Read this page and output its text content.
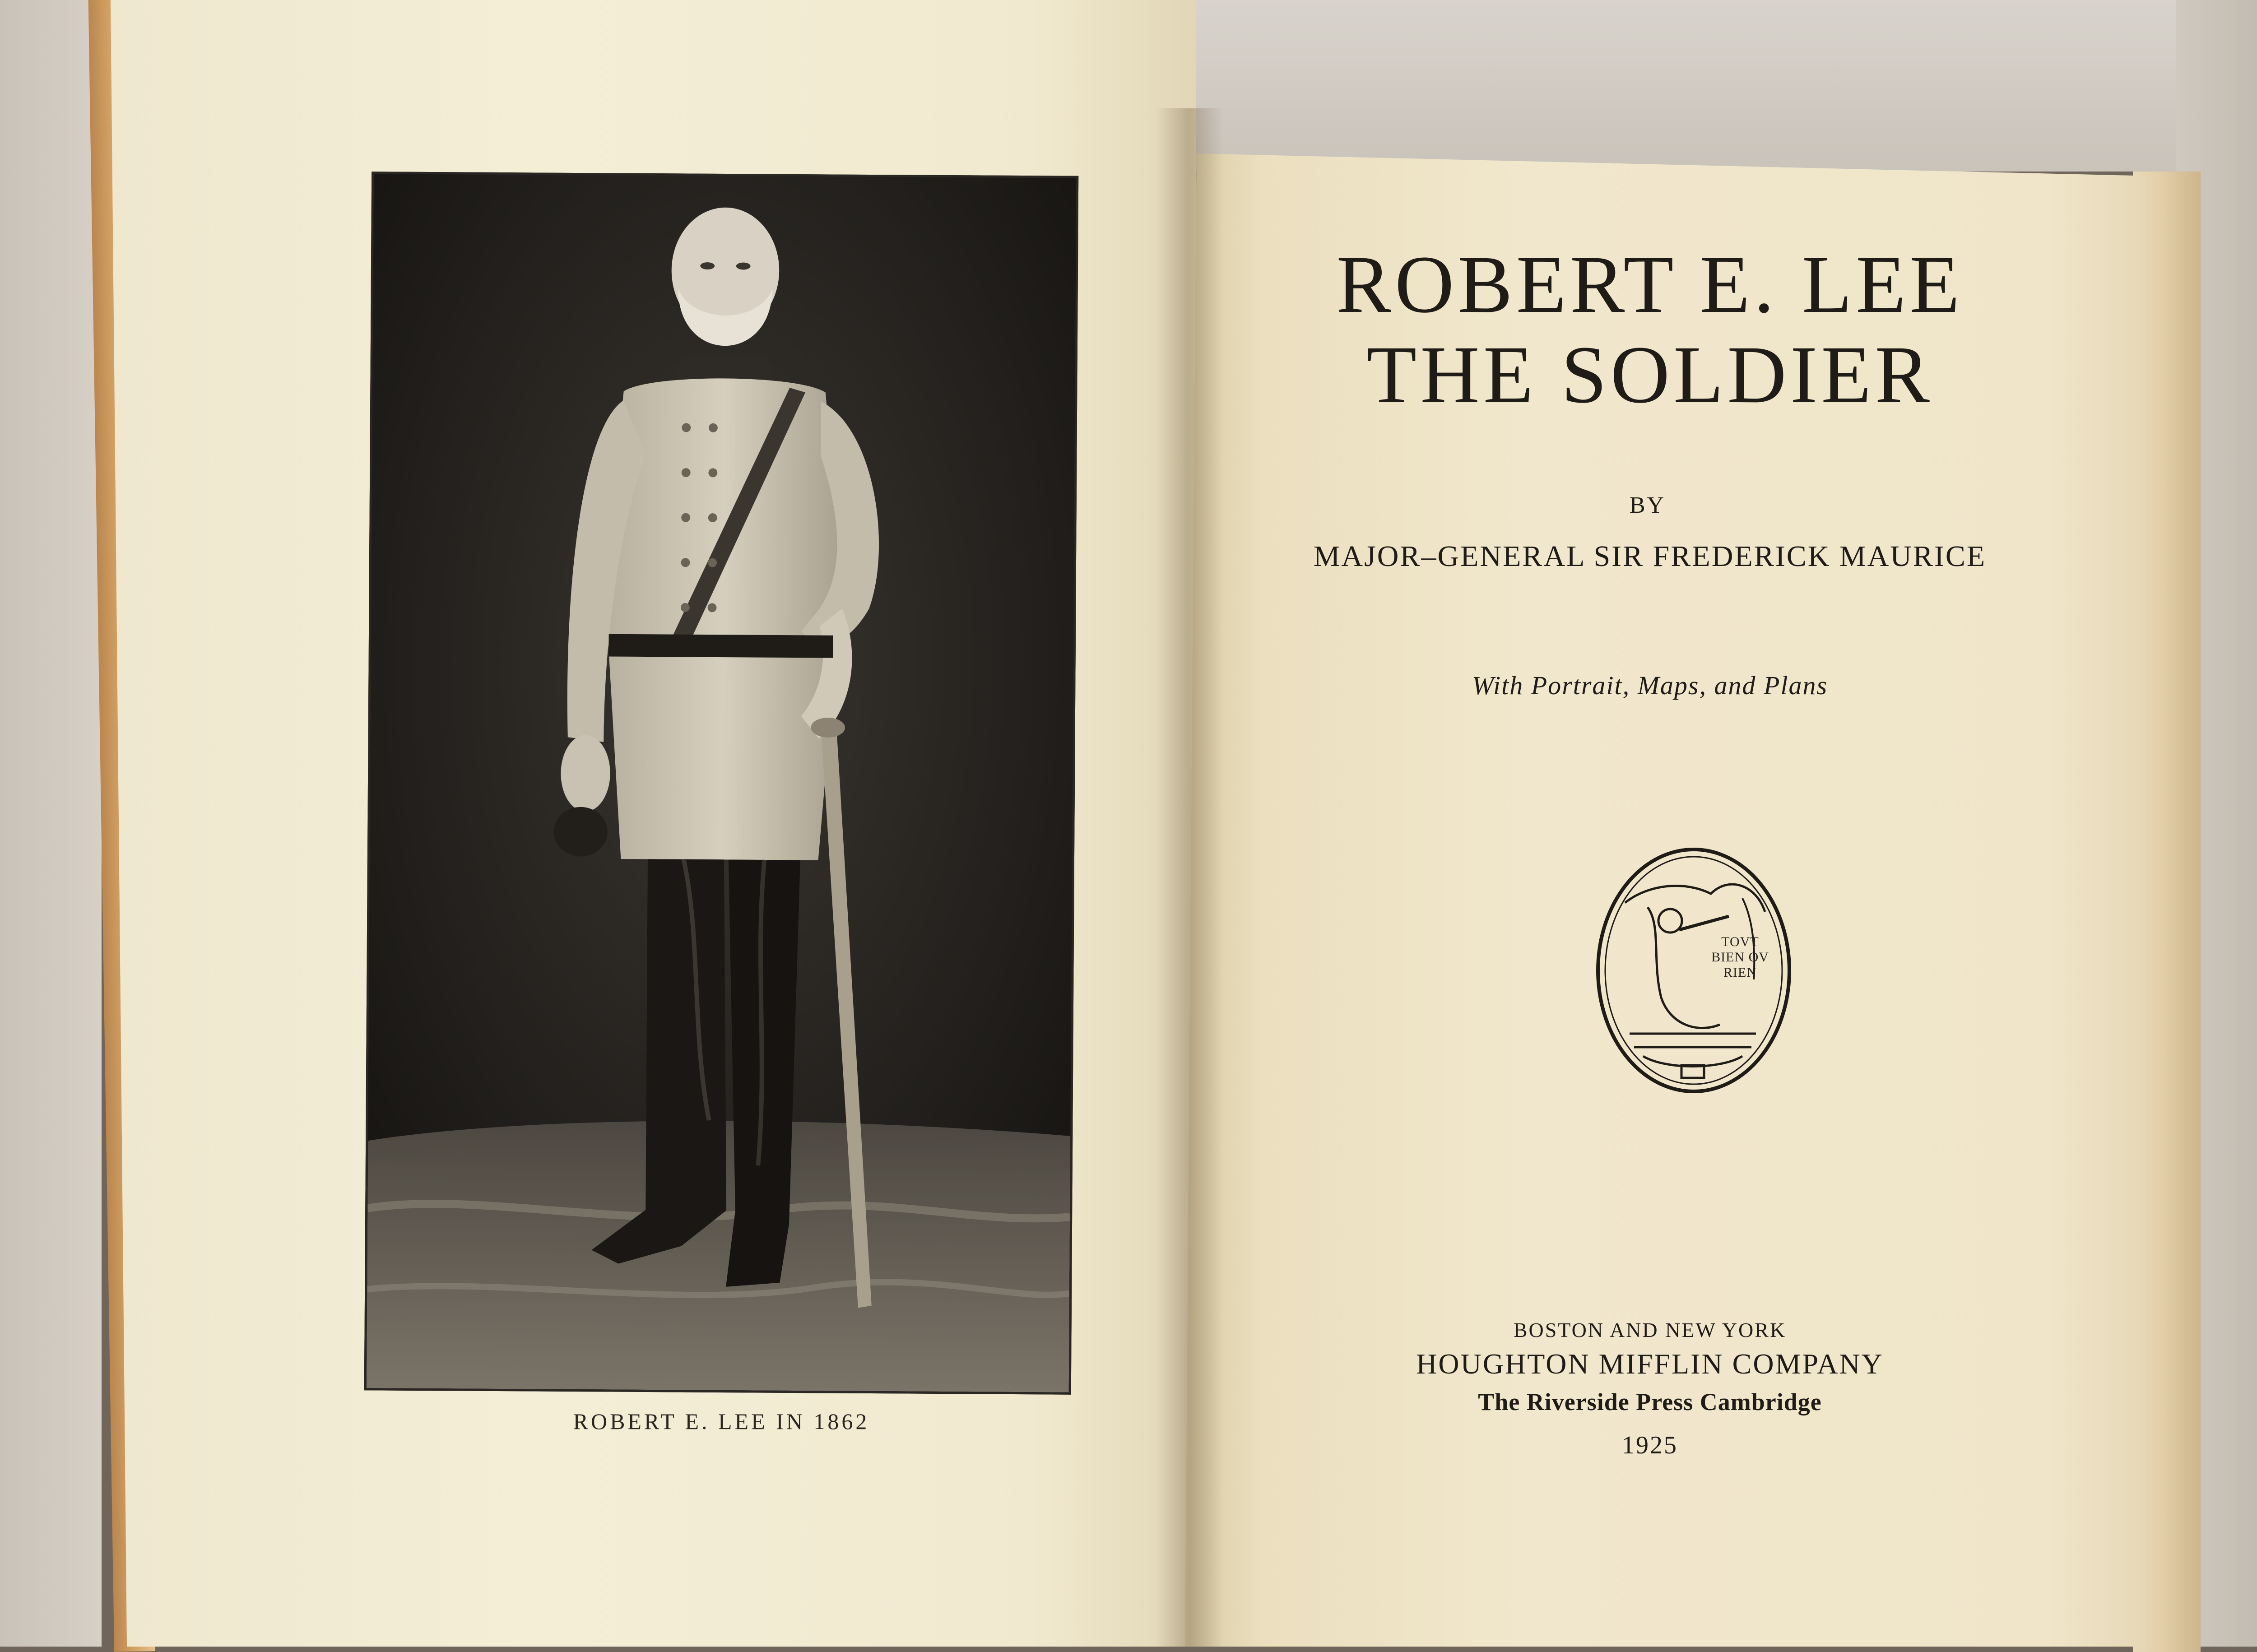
ROBERT E. LEE IN 1862
ROBERT E. LEE
THE SOLDIER
BY
MAJOR–GENERAL SIR FREDERICK MAURICE
With Portrait, Maps, and Plans
TOVT
BIEN OV
RIEN
BOSTON AND NEW YORK
HOUGHTON MIFFLIN COMPANY
The Riverside Press Cambridge
1925
